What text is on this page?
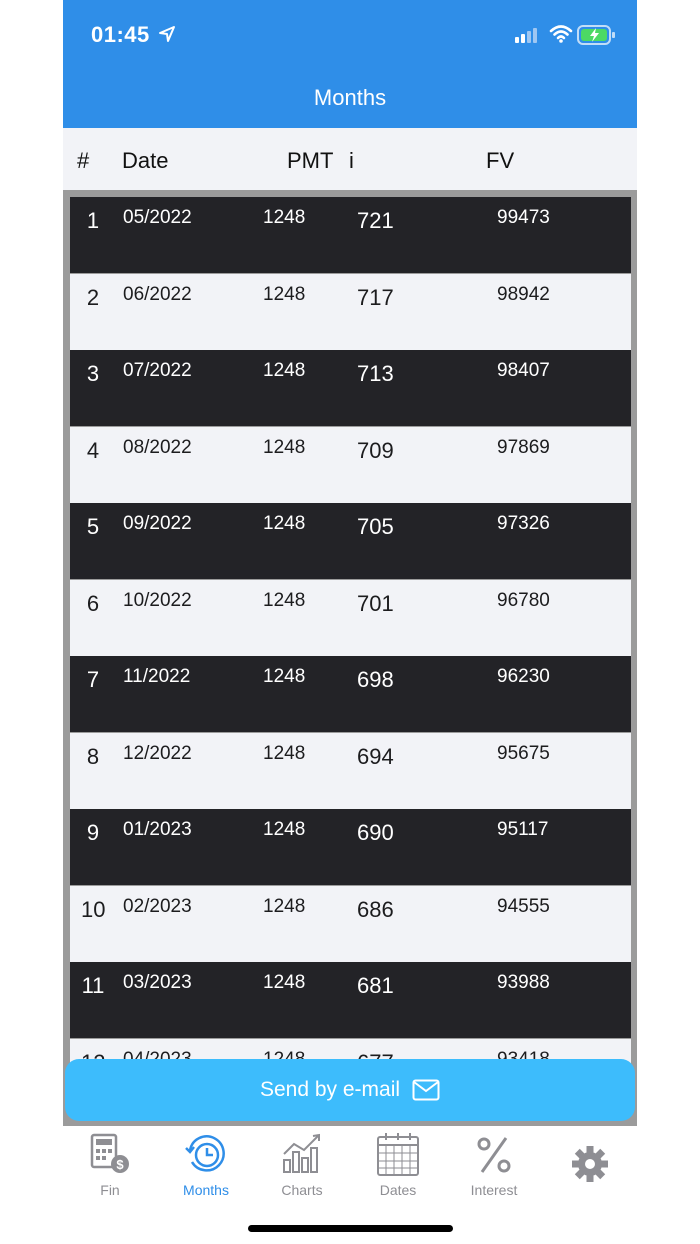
01:45
Months
# Date	PMT i	FV
1	05/2022	1248 721	99473
2	06/2022	1248 717	98942
3	07/2022	1248 713	98407
4	08/2022	1248 709	97869
5	09/2022	1248 705	97326
6	10/2022	1248 701	96780
7	11/2022	1248 698	96230
8	12/2022	1248 694	95675
9	01/2023	1248 690	95117
10 02/2023	1248 686	94555
11 03/2023	1248 681	93988
Send by e-mail
$
Fin	Months	Charts	Dates	Interest
